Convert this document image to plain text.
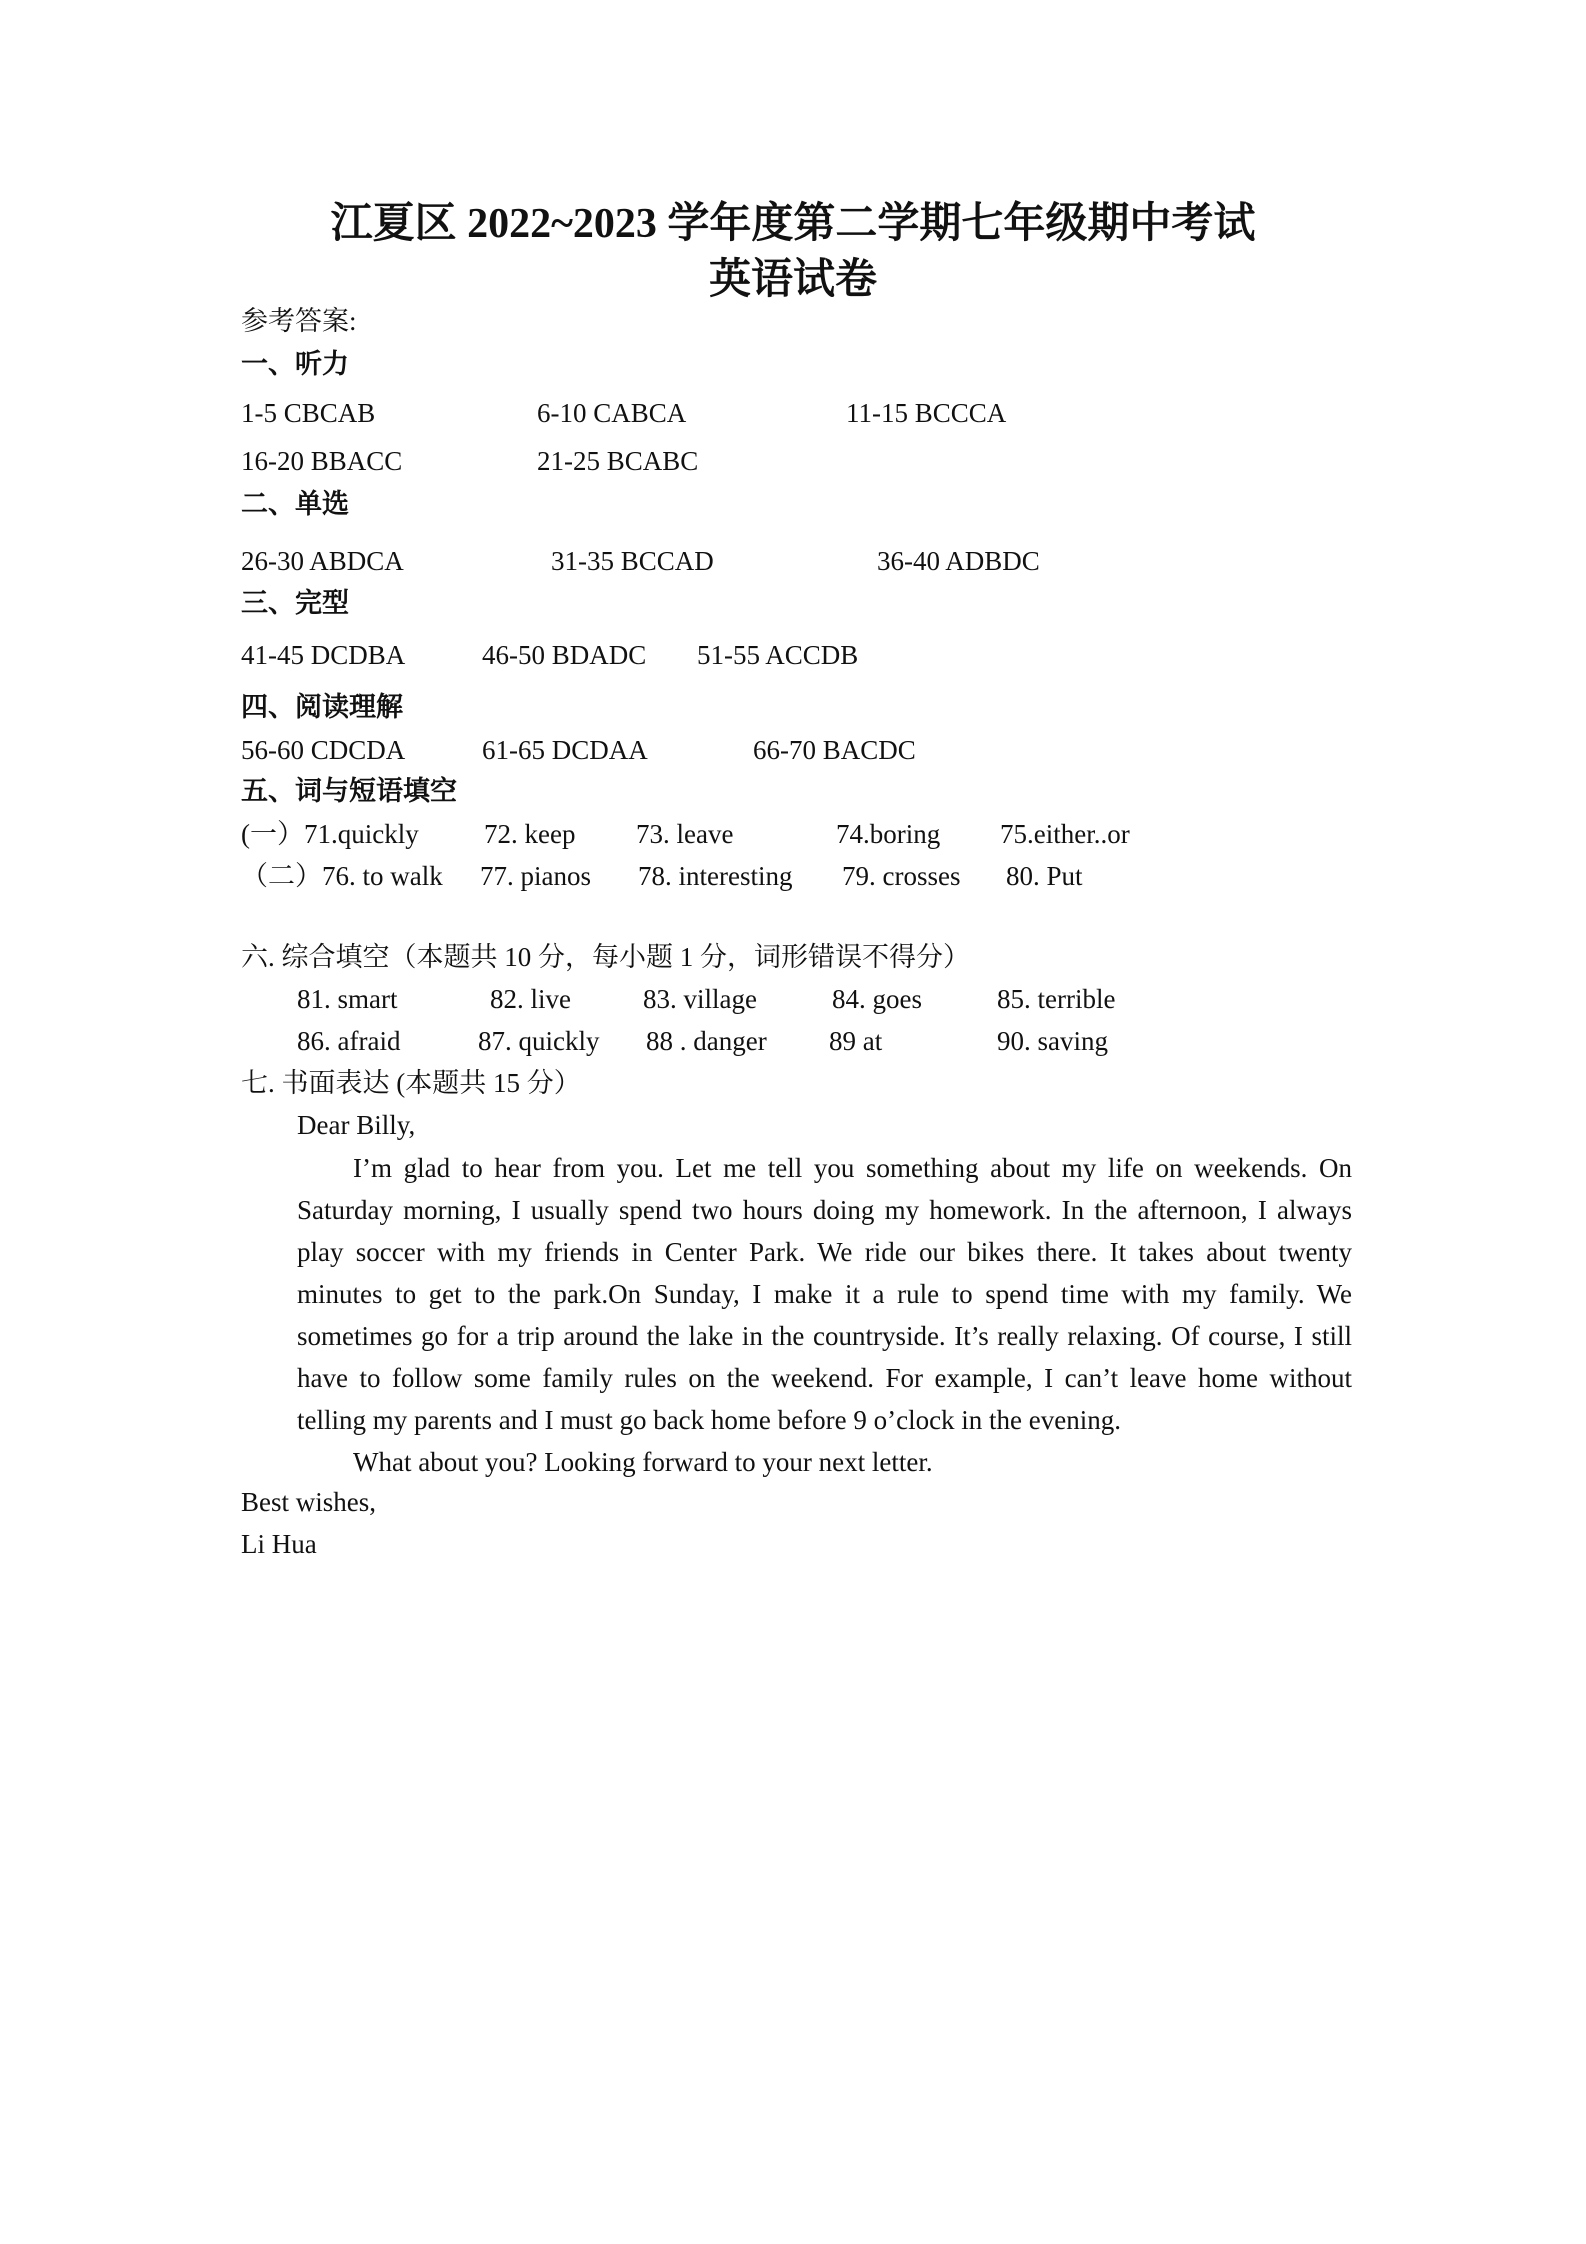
江夏区 2022~2023 学年度第二学期七年级期中考试
英语试卷
参考答案:
一、听力
1-5 CBCAB	6-10 CABCA	11-15 BCCCA
16-20 BBACC	21-25 BCABC
二、单选
26-30 ABDCA	31-35 BCCAD	36-40 ADBDC
三、完型
41-45 DCDBA	46-50 BDADC 51-55 ACCDB
四、阅读理解
56-60 CDCDA	61-65 DCDAA	66-70 BACDC
五、词与短语填空
(一）71.quickly 72. keep 73. leave	74.boring 75.either..or
（二）76. to walk 77. pianos 78. interesting 79. crosses 80. Put
六. 综合填空（本题共 10 分，每小题 1 分，词形错误不得分）
81. smart	82. live	83. village	84. goes	85. terrible
86. afraid	87. quickly 88 . danger 89 at	90. saving
七. 书面表达 (本题共 15 分）
Dear Billy,

I’m glad to hear from you. Let me tell you something about my life on weekends. On Saturday morning, I usually spend two hours doing my homework. In the afternoon, I always play soccer with my friends in Center Park. We ride our bikes there. It takes about twenty minutes to get to the park.On Sunday, I make it a rule to spend time with my family. We sometimes go for a trip around the lake in the countryside. It’s really relaxing. Of course, I still have to follow some family rules on the weekend. For example, I can’t leave home without telling my parents and I must go back home before 9 o’clock in the evening.

What about you? Looking forward to your next letter.

Best wishes,
Li Hua
